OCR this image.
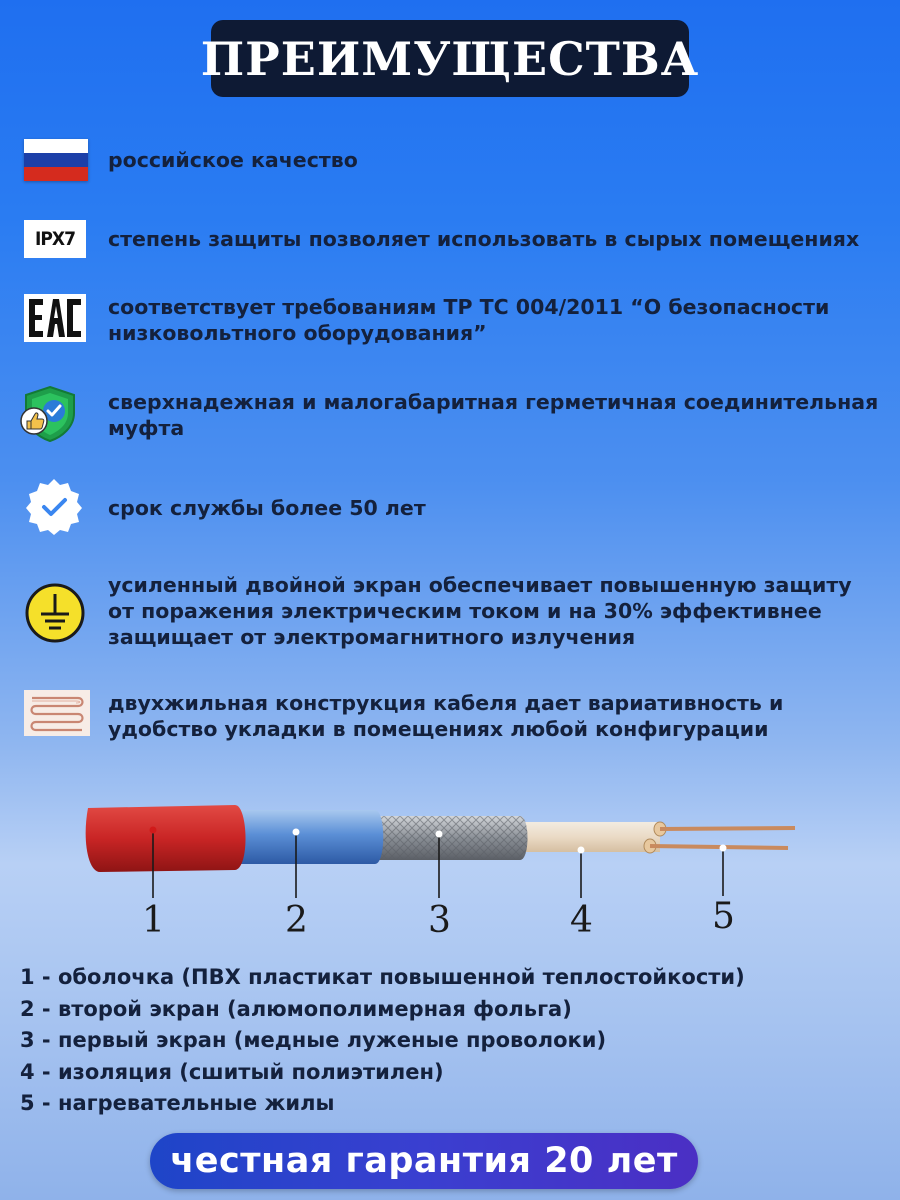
ПРЕИМУЩЕСТВА
российское качество
IPX7	степень защиты позволяет использовать в сырых помещениях
соответствует требованиям ТР ТС 004/2011 “О безопасности
низковольтного оборудования”
сверхнадежная и малогабаритная герметичная соединительная
муфта
срок службы более 50 лет
усиленный двойной экран обеспечивает повышенную защиту
от поражения электрическим током и на 30% эффективнее
защищает от электромагнитного излучения
двухжильная конструкция кабеля дает вариативность и
удобство укладки в помещениях любой конфигурации
1	2	3	4	5
1 - оболочка (ПВХ пластикат повышенной теплостойкости)
2 - второй экран (алюмополимерная фольга)
3 - первый экран (медные луженые проволоки)
4 - изоляция (сшитый полиэтилен)
5 - нагревательные жилы
честная гарантия 20 лет
